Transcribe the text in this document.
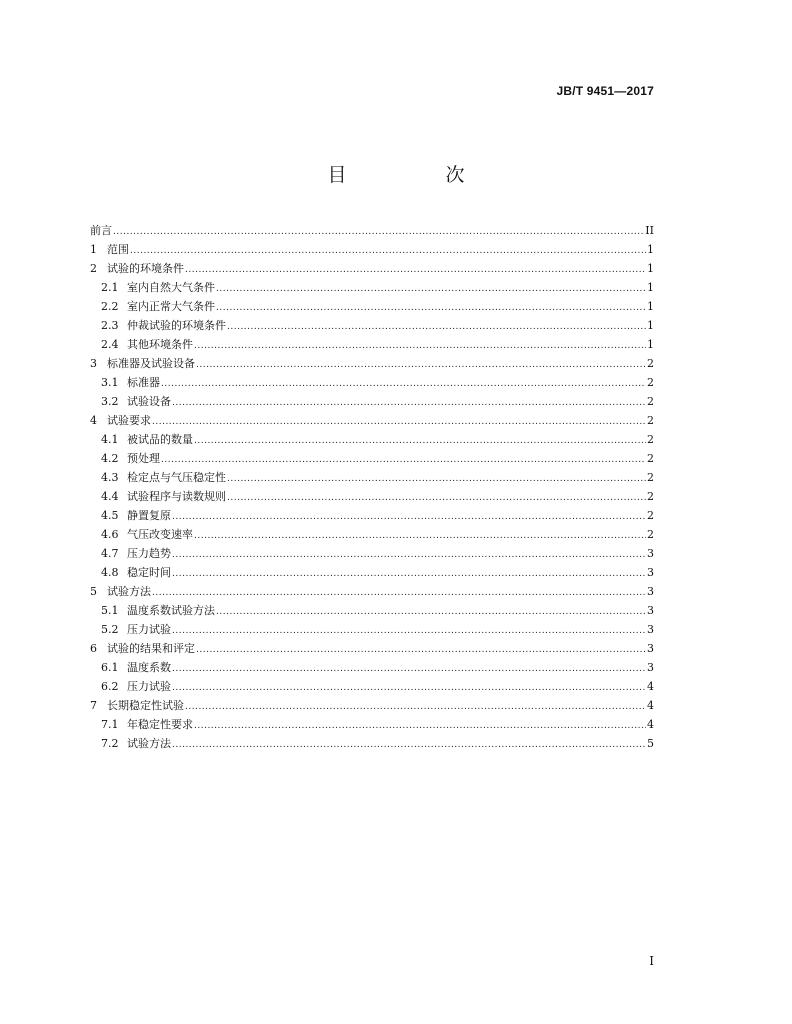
JB/T 9451—2017
目　次
前言 .....	II
1 范围 .....	1
2 试验的环境条件 .....	1
2.1 室内自然大气条件 .....	1
2.2 室内正常大气条件 .....	1
2.3 仲裁试验的环境条件 .....	1
2.4 其他环境条件 .....	1
3 标准器及试验设备 .....	2
3.1 标准器 .....	2
3.2 试验设备 .....	2
4 试验要求 .....	2
4.1 被试品的数量 .....	2
4.2 预处理 .....	2
4.3 检定点与气压稳定性 .....	2
4.4 试验程序与读数规则 .....	2
4.5 静置复原 .....	2
4.6 气压改变速率 .....	2
4.7 压力趋势 .....	3
4.8 稳定时间 .....	3
5 试验方法 .....	3
5.1 温度系数试验方法 .....	3
5.2 压力试验 .....	3
6 试验的结果和评定 .....	3
6.1 温度系数 .....	3
6.2 压力试验 .....	4
7 长期稳定性试验 .....	4
7.1 年稳定性要求 .....	4
7.2 试验方法 .....	5
I
